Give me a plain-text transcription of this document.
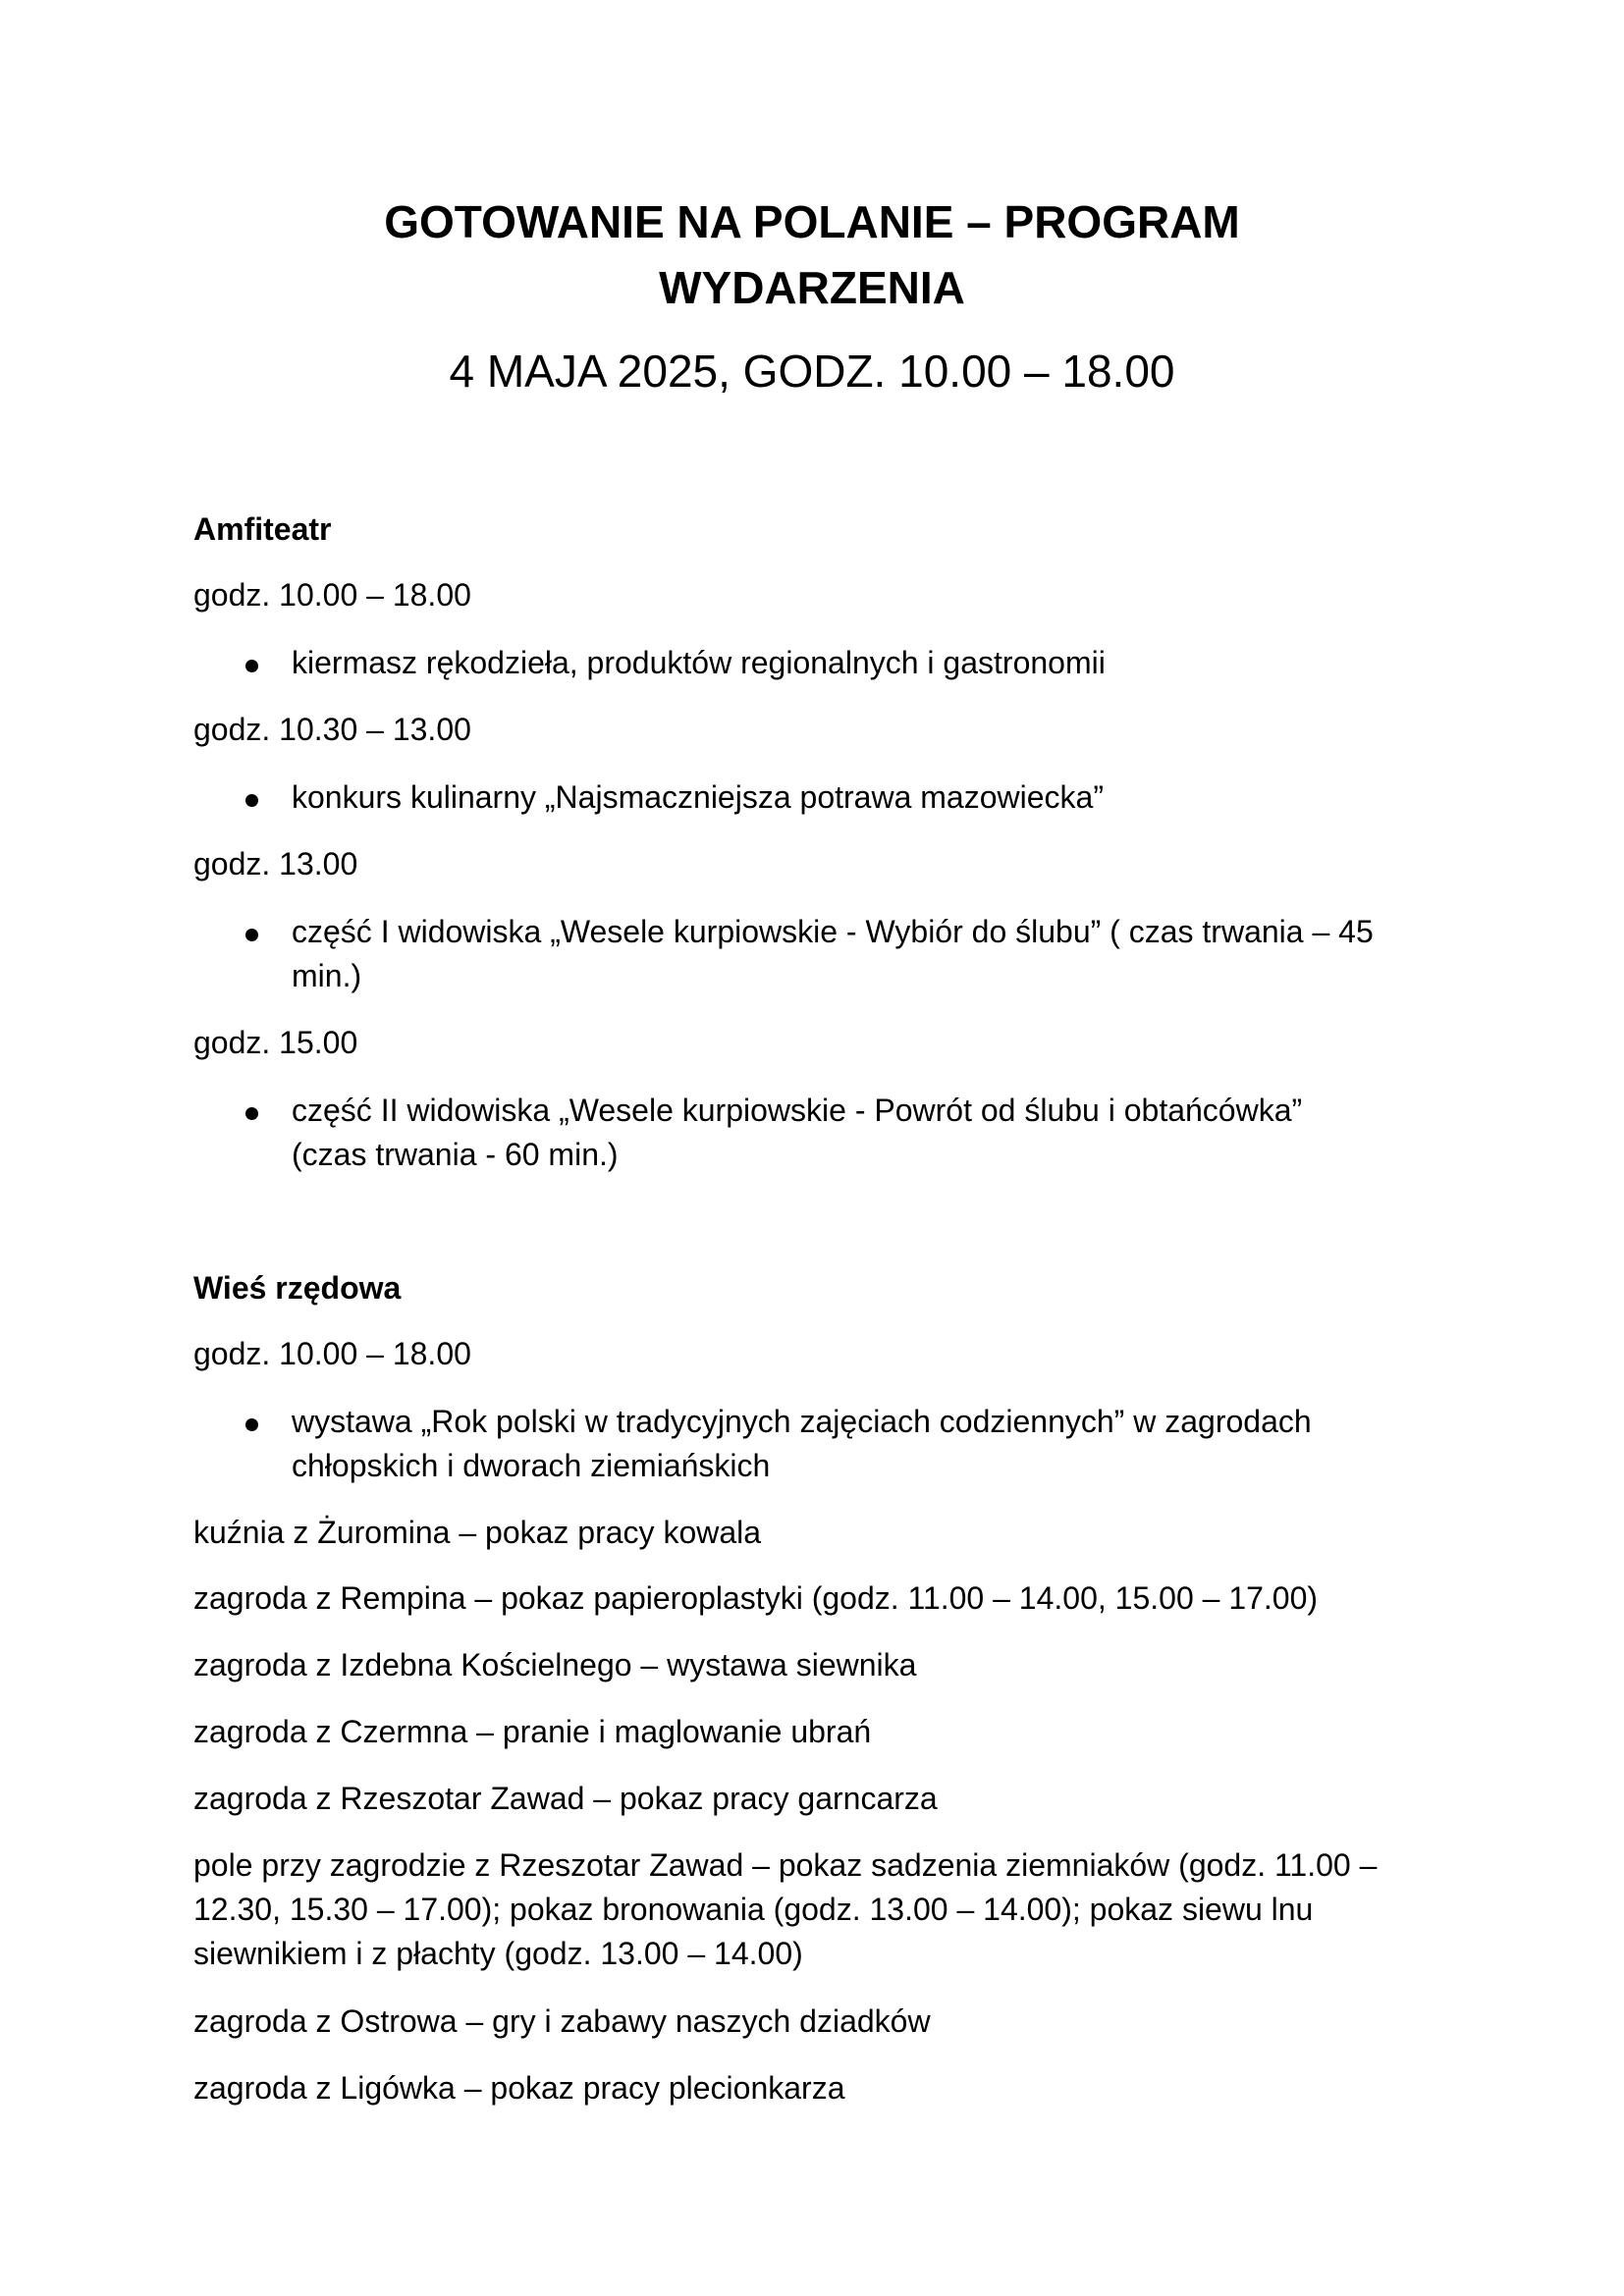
GOTOWANIE NA POLANIE – PROGRAM
WYDARZENIA

4 MAJA 2025, GODZ. 10.00 – 18.00

Amfiteatr

godz. 10.00 – 18.00

kiermasz rękodzieła, produktów regionalnych i gastronomii

godz. 10.30 – 13.00

konkurs kulinarny „Najsmaczniejsza potrawa mazowiecka”

godz. 13.00

część I widowiska „Wesele kurpiowskie - Wybiór do ślubu” ( czas trwania – 45

min.)

godz. 15.00

część II widowiska „Wesele kurpiowskie - Powrót od ślubu i obtańcówka”

(czas trwania - 60 min.)

Wieś rzędowa

godz. 10.00 – 18.00

wystawa „Rok polski w tradycyjnych zajęciach codziennych” w zagrodach

chłopskich i dworach ziemiańskich

kuźnia z Żuromina – pokaz pracy kowala

zagroda z Rempina – pokaz papieroplastyki (godz. 11.00 – 14.00, 15.00 – 17.00)

zagroda z Izdebna Kościelnego – wystawa siewnika

zagroda z Czermna – pranie i maglowanie ubrań

zagroda z Rzeszotar Zawad – pokaz pracy garncarza

pole przy zagrodzie z Rzeszotar Zawad – pokaz sadzenia ziemniaków (godz. 11.00 –

12.30, 15.30 – 17.00); pokaz bronowania (godz. 13.00 – 14.00); pokaz siewu lnu

siewnikiem i z płachty (godz. 13.00 – 14.00)

zagroda z Ostrowa – gry i zabawy naszych dziadków

zagroda z Ligówka – pokaz pracy plecionkarza
